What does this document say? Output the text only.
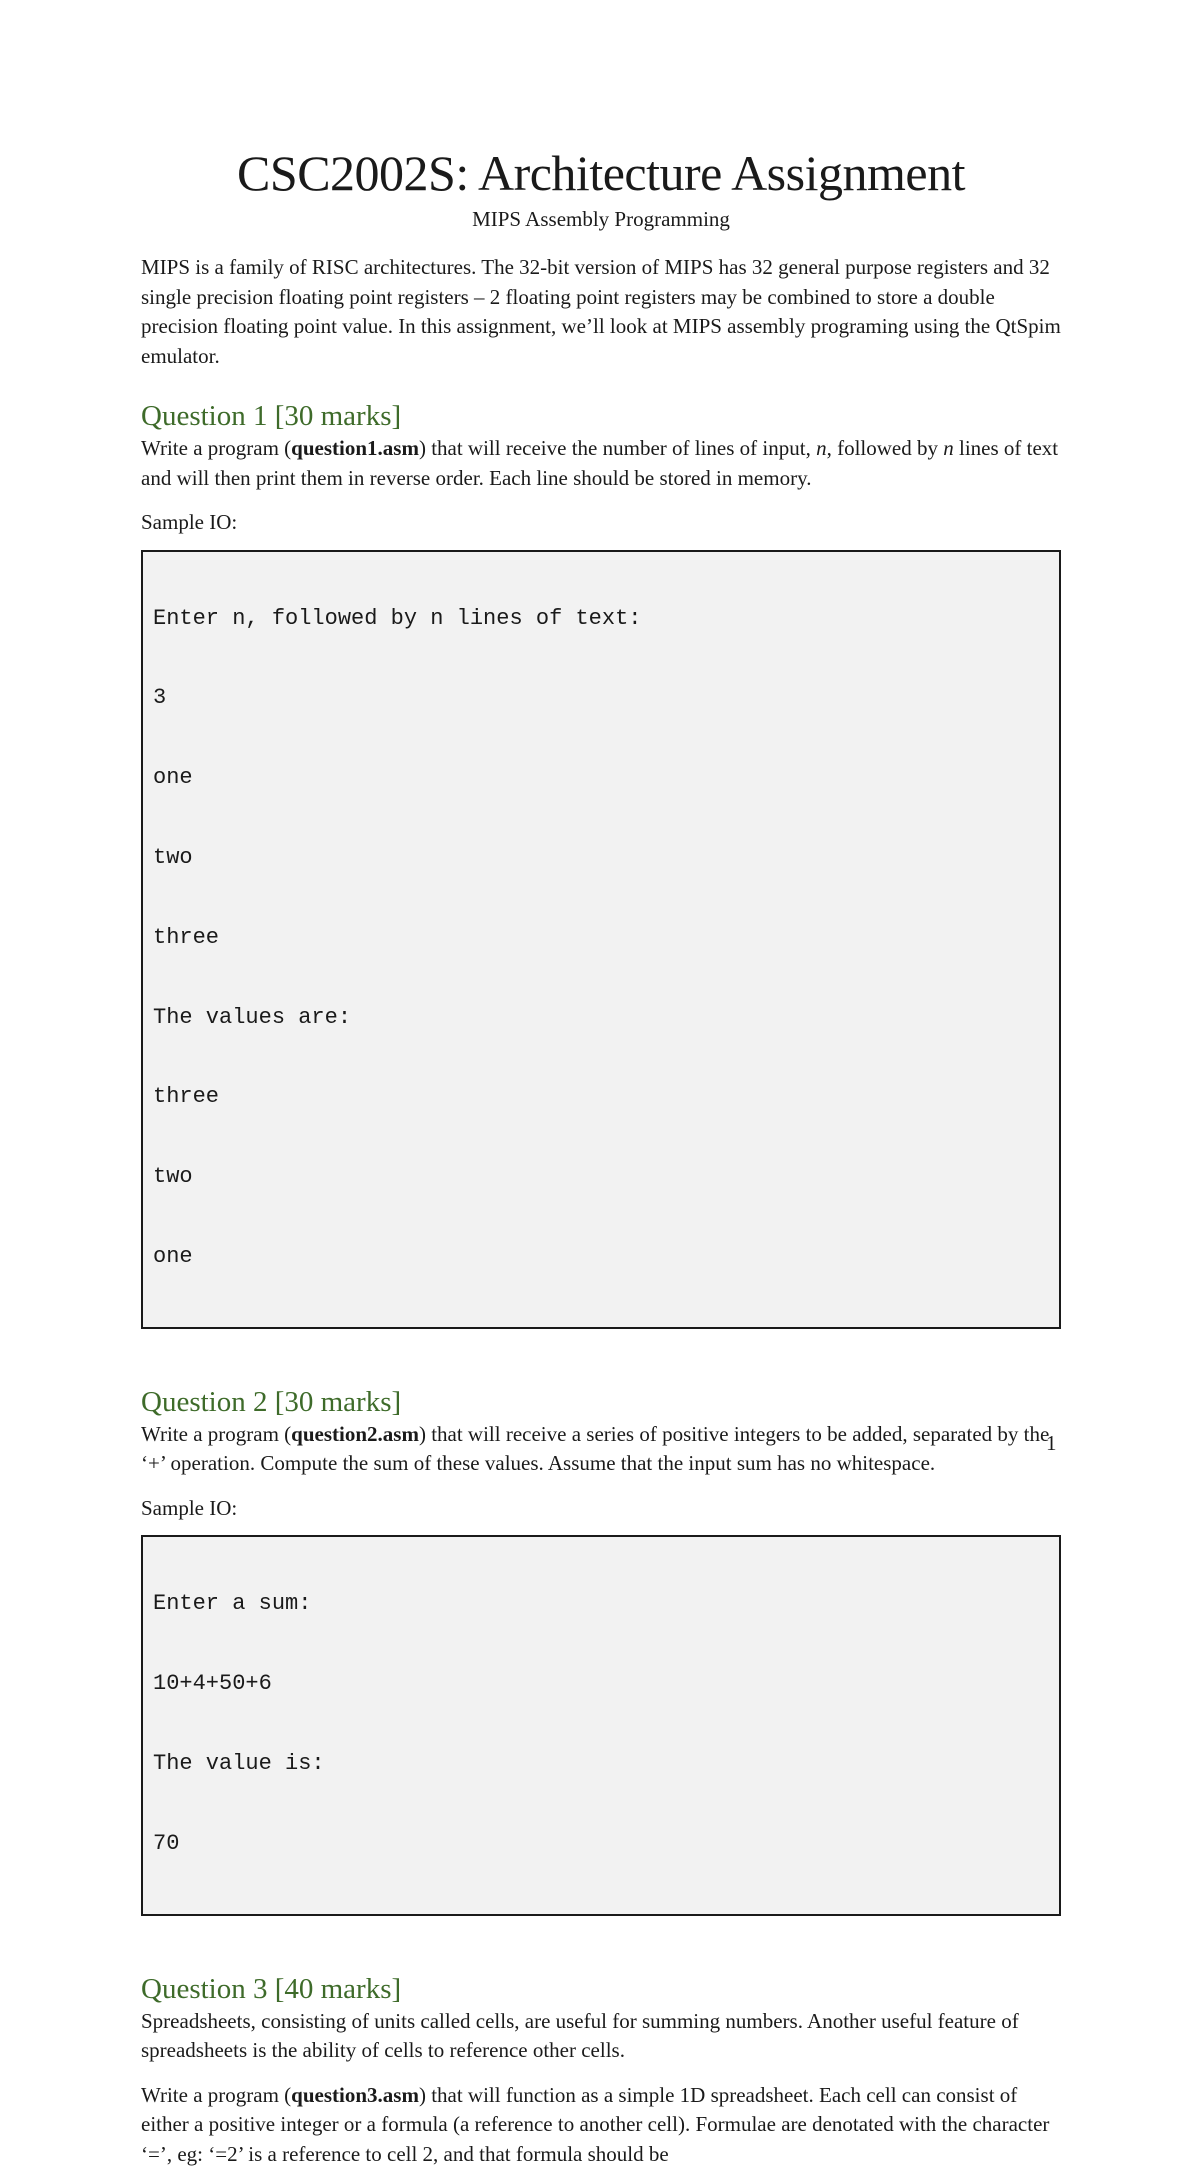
CSC2002S: Architecture Assignment
MIPS Assembly Programming

MIPS is a family of RISC architectures. The 32-bit version of MIPS has 32 general purpose registers and 32 single precision floating point registers – 2 floating point registers may be combined to store a double precision floating point value. In this assignment, we’ll look at MIPS assembly programing using the QtSpim emulator.

Question 1 [30 marks]

Write a program (question1.asm) that will receive the number of lines of input, n, followed by n lines of text and will then print them in reverse order. Each line should be stored in memory.

Sample IO:

Enter n, followed by n lines of text:

3

one

two

three

The values are:

three

two

one

Question 2 [30 marks]

Write a program (question2.asm) that will receive a series of positive integers to be added, separated by the ‘+’ operation. Compute the sum of these values. Assume that the input sum has no whitespace.

Sample IO:

Enter a sum:

10+4+50+6

The value is:

70

Question 3 [40 marks]

Spreadsheets, consisting of units called cells, are useful for summing numbers. Another useful feature of spreadsheets is the ability of cells to reference other cells.

Write a program (question3.asm) that will function as a simple 1D spreadsheet. Each cell can consist of either a positive integer or a formula (a reference to another cell). Formulae are denotated with the character ‘=’, eg: ‘=2’ is a reference to cell 2, and that formula should be

1
